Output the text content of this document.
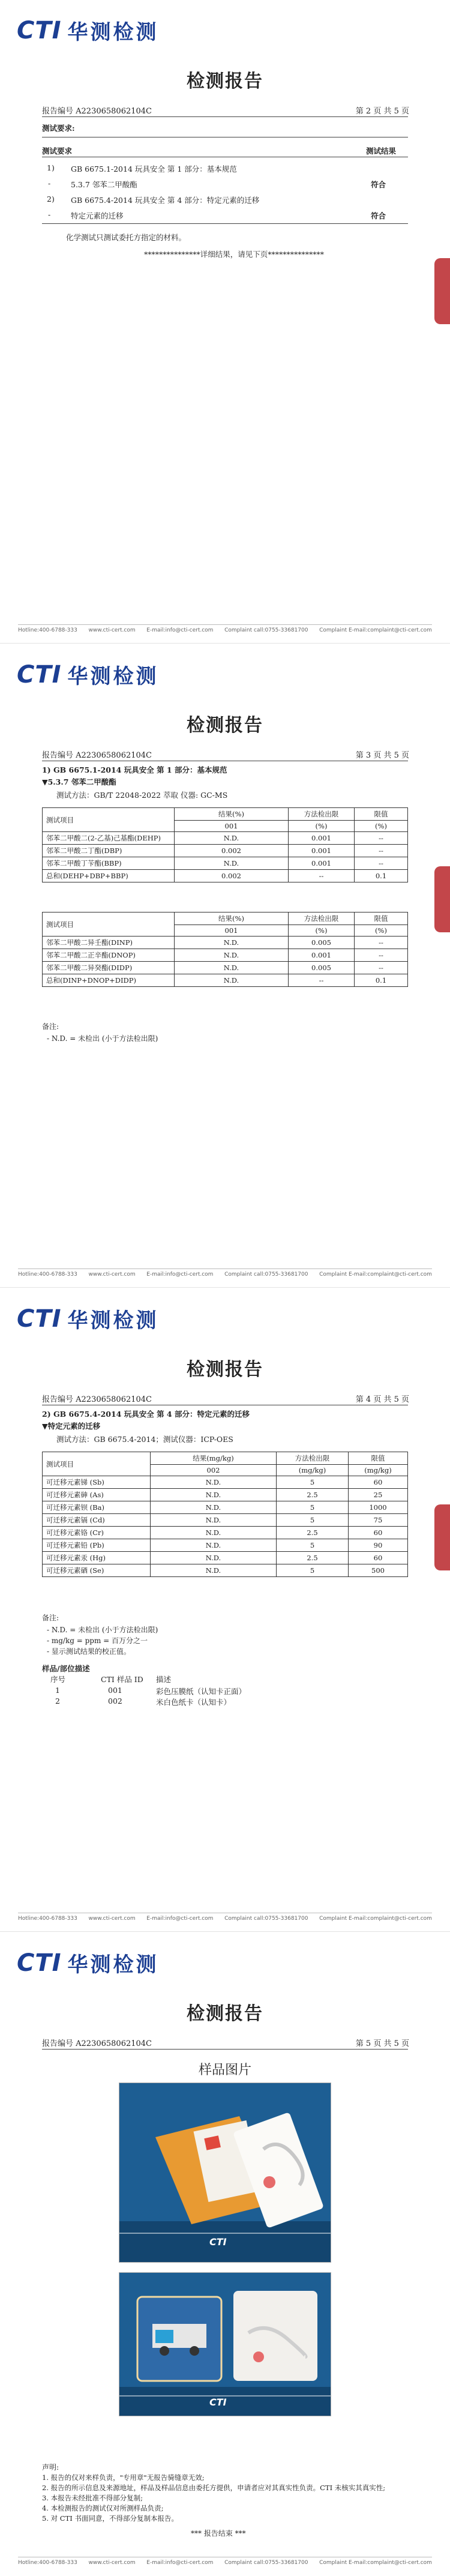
CTI 华测检测
检测报告
报告编号 A2230658062104C	第 2 页 共 5 页
测试要求:
测试要求	测试结果
1) GB 6675.1-2014 玩具安全 第 1 部分：基本规范
-	5.3.7 邻苯二甲酸酯	符合
2) GB 6675.4-2014 玩具安全 第 4 部分：特定元素的迁移
-	特定元素的迁移	符合
化学测试只测试委托方指定的材料。
***************详细结果，请见下页***************
Hotline:400-6788-333 www.cti-cert.com E-mail:info@cti-cert.com Complaint call:0755-33681700 Complaint E-mail:complaint@cti-cert.com
CTI 华测检测
检测报告
报告编号 A2230658062104C	第 3 页 共 5 页
1) GB 6675.1-2014 玩具安全 第 1 部分：基本规范
▼5.3.7 邻苯二甲酸酯
测试方法：GB/T 22048-2022 萃取 仪器: GC-MS
测试项目	结果(%)	方法检出限	限值
	001	(%)	(%)
邻苯二甲酸二(2-乙基)己基酯(DEHP)	N.D.	0.001	--
邻苯二甲酸二丁酯(DBP)	0.002	0.001	--
邻苯二甲酸丁苄酯(BBP)	N.D.	0.001	--
总和(DEHP+DBP+BBP)	0.002	--	0.1
测试项目	结果(%)	方法检出限	限值
	001	(%)	(%)
邻苯二甲酸二异壬酯(DINP)	N.D.	0.005	--
邻苯二甲酸二正辛酯(DNOP)	N.D.	0.001	--
邻苯二甲酸二异癸酯(DIDP)	N.D.	0.005	--
总和(DINP+DNOP+DIDP)	N.D.	--	0.1
备注:
- N.D. = 未检出 (小于方法检出限)
Hotline:400-6788-333 www.cti-cert.com E-mail:info@cti-cert.com Complaint call:0755-33681700 Complaint E-mail:complaint@cti-cert.com
CTI 华测检测
检测报告
报告编号 A2230658062104C	第 4 页 共 5 页
2) GB 6675.4-2014 玩具安全 第 4 部分：特定元素的迁移
▼特定元素的迁移
测试方法：GB 6675.4-2014；测试仪器：ICP-OES
测试项目	结果(mg/kg)	方法检出限	限值
	002	(mg/kg)	(mg/kg)
可迁移元素锑 (Sb)	N.D.	5	60
可迁移元素砷 (As)	N.D.	2.5	25
可迁移元素钡 (Ba)	N.D.	5	1000
可迁移元素镉 (Cd)	N.D.	5	75
可迁移元素铬 (Cr)	N.D.	2.5	60
可迁移元素铅 (Pb)	N.D.	5	90
可迁移元素汞 (Hg)	N.D.	2.5	60
可迁移元素硒 (Se)	N.D.	5	500
备注:
- N.D. = 未检出 (小于方法检出限)
- mg/kg = ppm = 百万分之一
- 显示测试结果的校正值。
样品/部位描述
序号	CTI 样品 ID 描述
1	001	彩色压膜纸（认知卡正面）
2	002	米白色纸卡（认知卡）
Hotline:400-6788-333 www.cti-cert.com E-mail:info@cti-cert.com Complaint call:0755-33681700 Complaint E-mail:complaint@cti-cert.com
CTI 华测检测
检测报告
报告编号 A2230658062104C	第 5 页 共 5 页
样品图片
CTI
CTI
声明:
1. 报告的仅对来样负责，"专用章"无报告骑缝章无效;
2. 报告的所示信息及来源地址，样品及样品信息由委托方提供，申请者应对其真实性负责。CTI 未核实其真实性;
3. 本报告未经批准不得部分复制;
4. 本检测报告的测试仅对所测样品负责;
5. 对 CTI 书面同意，不得部分复制本报告。
*** 报告结束 ***
Hotline:400-6788-333 www.cti-cert.com E-mail:info@cti-cert.com Complaint call:0755-33681700 Complaint E-mail:complaint@cti-cert.com
